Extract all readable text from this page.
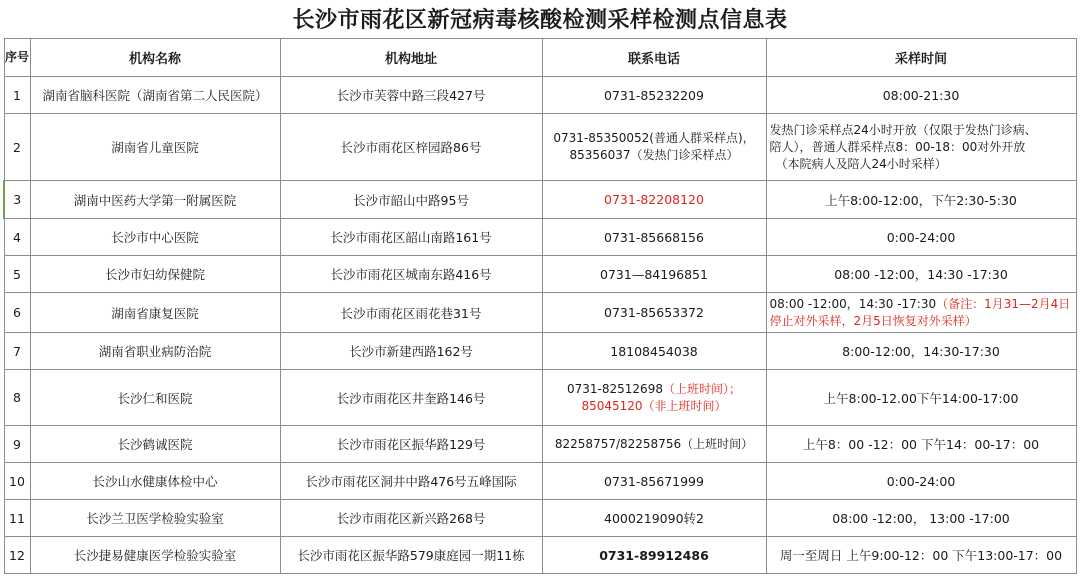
长沙市雨花区新冠病毒核酸检测采样检测点信息表
序号	机构名称	机构地址	联系电话	采样时间
1	湖南省脑科医院（湖南省第二人民医院）	长沙市芙蓉中路三段427号	0731-85232209	08:00-21:30
2	湖南省儿童医院	长沙市雨花区梓园路86号	0731-85350052(普通人群采样点)，
85356037（发热门诊采样点）	发热门诊采样点24小时开放（仅限于发热门诊病、
陪人），普通人群采样点8：00-18：00对外开放
（本院病人及陪人24小时采样）

3	湖南中医药大学第一附属医院	长沙市韶山中路95号	0731-82208120	上午8:00-12:00，下午2:30-5:30
4	长沙市中心医院	长沙市雨花区韶山南路161号	0731-85668156	0:00-24:00
5	长沙市妇幼保健院	长沙市雨花区城南东路416号	0731—84196851	08:00 -12:00，14:30 -17:30
6	湖南省康复医院	长沙市雨花区雨花巷31号	0731-85653372	08:00 -12:00，14:30 -17:30（备注：1月31—2月4日停止对外采样，2月5日恢复对外采样）
7	湖南省职业病防治院	长沙市新建西路162号	18108454038	8:00-12:00，14:30-17:30
8	长沙仁和医院	长沙市雨花区井奎路146号	0731-82512698（上班时间）；
85045120（非上班时间）	上午8:00-12.00下午14:00-17:00
9	长沙鹤诚医院	长沙市雨花区振华路129号	82258757/82258756（上班时间）	上午8：00 -12：00 下午14：00-17：00
10	长沙山水健康体检中心	长沙市雨花区洞井中路476号五峰国际	0731-85671999	0:00-24:00
11	长沙兰卫医学检验实验室	长沙市雨花区新兴路268号	4000219090转2	08:00 -12:00， 13:00 -17:00
12	长沙捷易健康医学检验实验室	长沙市雨花区振华路579康庭园一期11栋	0731-89912486	周一至周日 上午9:00-12：00 下午13:00-17：00
